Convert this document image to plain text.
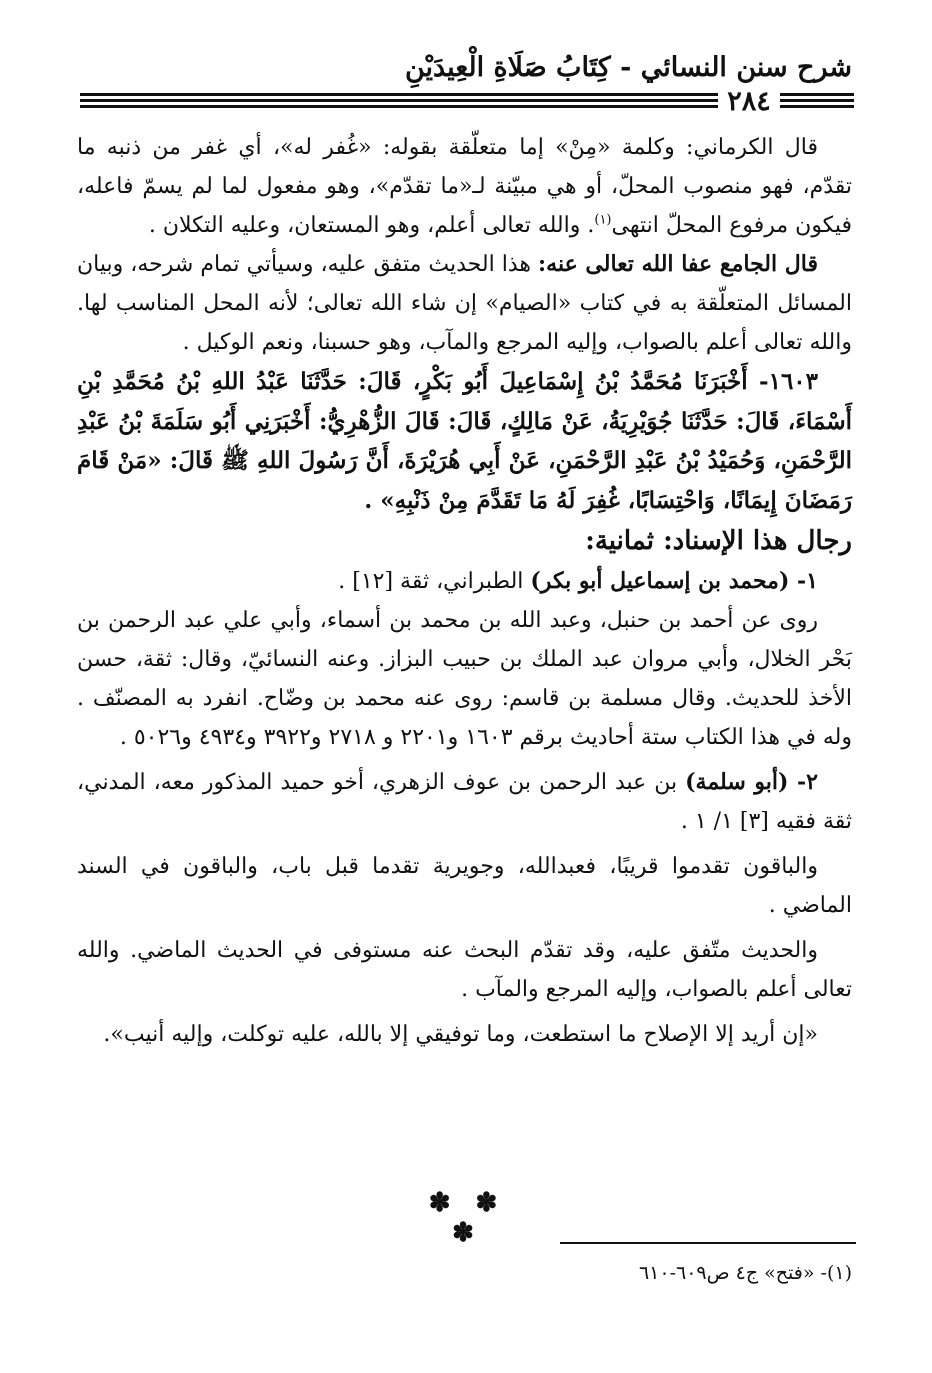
شرح سنن النسائي - كِتَابُ صَلَاةِ الْعِيدَيْنِ
٢٨٤

قال الكرماني: وكلمة «مِنْ» إما متعلّقة بقوله: «غُفر له»، أي غفر من ذنبه ما تقدّم، فهو منصوب المحلّ، أو هي مبيّنة لـ«ما تقدّم»، وهو مفعول لما لم يسمّ فاعله، فيكون مرفوع المحلّ انتهى$^{(١)}$. والله تعالى أعلم، وهو المستعان، وعليه التكلان .

قال الجامع عفا الله تعالى عنه: هذا الحديث متفق عليه، وسيأتي تمام شرحه، وبيان المسائل المتعلّقة به في كتاب «الصيام» إن شاء الله تعالى؛ لأنه المحل المناسب لها. والله تعالى أعلم بالصواب، وإليه المرجع والمآب، وهو حسبنا، ونعم الوكيل .

١٦٠٣- أَخْبَرَنَا مُحَمَّدُ بْنُ إِسْمَاعِيلَ أَبُو بَكْرٍ، قَالَ: حَدَّثَنَا عَبْدُ اللهِ بْنُ مُحَمَّدِ بْنِ أَسْمَاءَ، قَالَ: حَدَّثَنَا جُوَيْرِيَةُ، عَنْ مَالِكٍ، قَالَ: قَالَ الزُّهْرِيُّ: أَخْبَرَنِي أَبُو سَلَمَةَ بْنُ عَبْدِ الرَّحْمَنِ، وَحُمَيْدُ بْنُ عَبْدِ الرَّحْمَنِ، عَنْ أَبِي هُرَيْرَةَ، أَنَّ رَسُولَ اللهِ ﷺ قَالَ: «مَنْ قَامَ رَمَضَانَ إِيمَانًا، وَاحْتِسَابًا، غُفِرَ لَهُ مَا تَقَدَّمَ مِنْ ذَنْبِهِ» .

رجال هذا الإسناد: ثمانية:

١- (محمد بن إسماعيل أبو بكر) الطبراني، ثقة [١٢] .

روى عن أحمد بن حنبل، وعبد الله بن محمد بن أسماء، وأبي علي عبد الرحمن بن بَحْر الخلال، وأبي مروان عبد الملك بن حبيب البزاز. وعنه النسائيّ، وقال: ثقة، حسن الأخذ للحديث. وقال مسلمة بن قاسم: روى عنه محمد بن وضّاح. انفرد به المصنّف . وله في هذا الكتاب ستة أحاديث برقم ١٦٠٣ و٢٢٠١ و ٢٧١٨ و٣٩٢٢ و٤٩٣٤ و٥٠٢٦ .

٢- (أبو سلمة) بن عبد الرحمن بن عوف الزهري، أخو حميد المذكور معه، المدني، ثقة فقيه [٣] ١/ ١ .

والباقون تقدموا قريبًا، فعبدالله، وجويرية تقدما قبل باب، والباقون في السند الماضي .

والحديث متّفق عليه، وقد تقدّم البحث عنه مستوفى في الحديث الماضي. والله تعالى أعلم بالصواب، وإليه المرجع والمآب .

«إن أريد إلا الإصلاح ما استطعت، وما توفيقي إلا بالله، عليه توكلت، وإليه أنيب».

✽ ✽ ✽
(١)- «فتح» ج٤ ص٦٠٩-٦١٠
